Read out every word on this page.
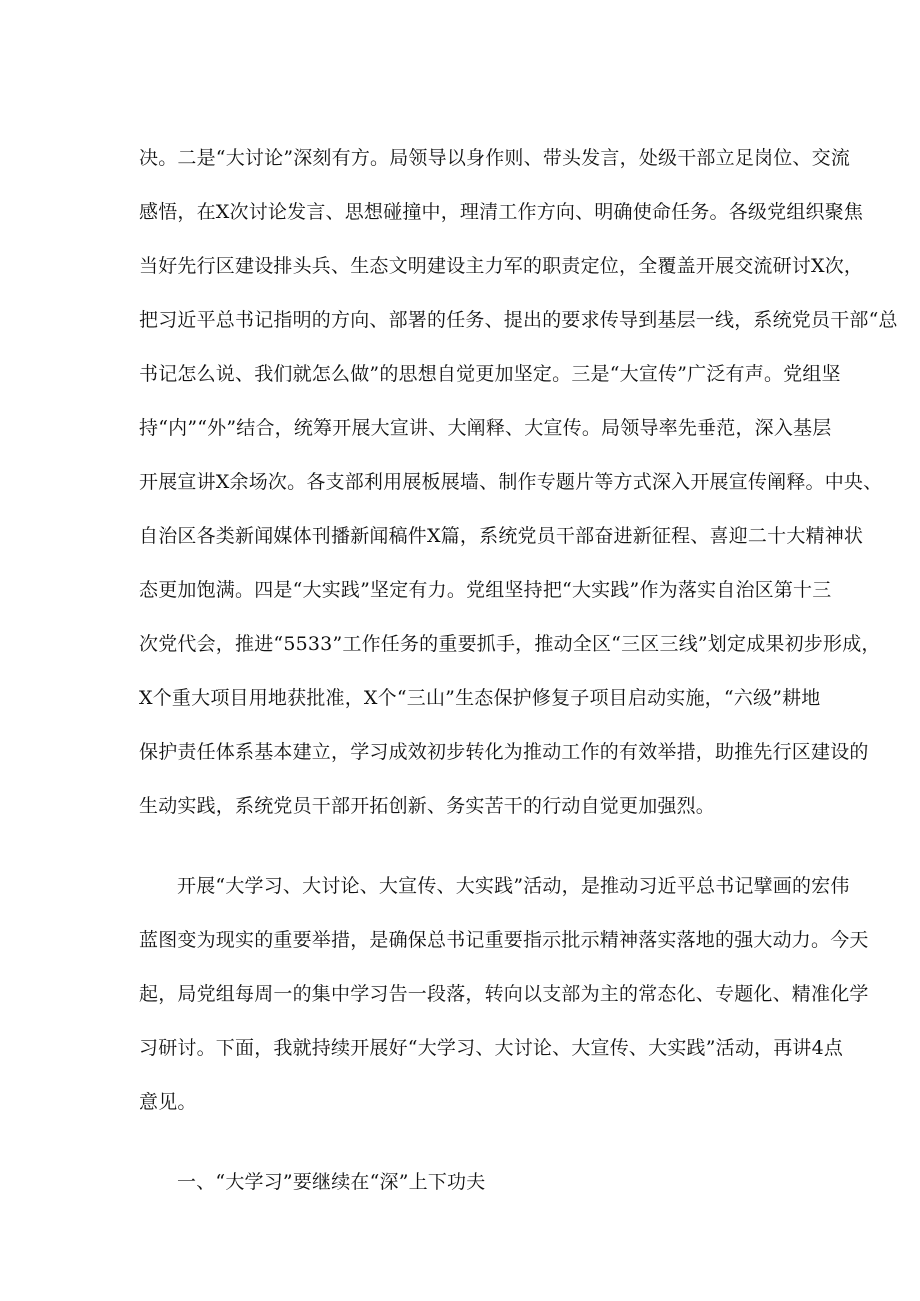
决。二是“大讨论”深刻有方。局领导以身作则、带头发言，处级干部立足岗位、交流
感悟，在X次讨论发言、思想碰撞中，理清工作方向、明确使命任务。各级党组织聚焦
当好先行区建设排头兵、生态文明建设主力军的职责定位，全覆盖开展交流研讨X次，
把习近平总书记指明的方向、部署的任务、提出的要求传导到基层一线，系统党员干部“总
书记怎么说、我们就怎么做”的思想自觉更加坚定。三是“大宣传”广泛有声。党组坚
持“内”“外”结合，统筹开展大宣讲、大阐释、大宣传。局领导率先垂范，深入基层
开展宣讲X余场次。各支部利用展板展墙、制作专题片等方式深入开展宣传阐释。中央、
自治区各类新闻媒体刊播新闻稿件X篇，系统党员干部奋进新征程、喜迎二十大精神状
态更加饱满。四是“大实践”坚定有力。党组坚持把“大实践”作为落实自治区第十三
次党代会，推进“5533”工作任务的重要抓手，推动全区“三区三线”划定成果初步形成，
X个重大项目用地获批准，X个“三山”生态保护修复子项目启动实施，“六级”耕地
保护责任体系基本建立，学习成效初步转化为推动工作的有效举措，助推先行区建设的
生动实践，系统党员干部开拓创新、务实苦干的行动自觉更加强烈。
开展“大学习、大讨论、大宣传、大实践”活动，是推动习近平总书记擘画的宏伟
蓝图变为现实的重要举措，是确保总书记重要指示批示精神落实落地的强大动力。今天
起，局党组每周一的集中学习告一段落，转向以支部为主的常态化、专题化、精准化学
习研讨。下面，我就持续开展好“大学习、大讨论、大宣传、大实践”活动，再讲4点
意见。
一、“大学习”要继续在“深”上下功夫
